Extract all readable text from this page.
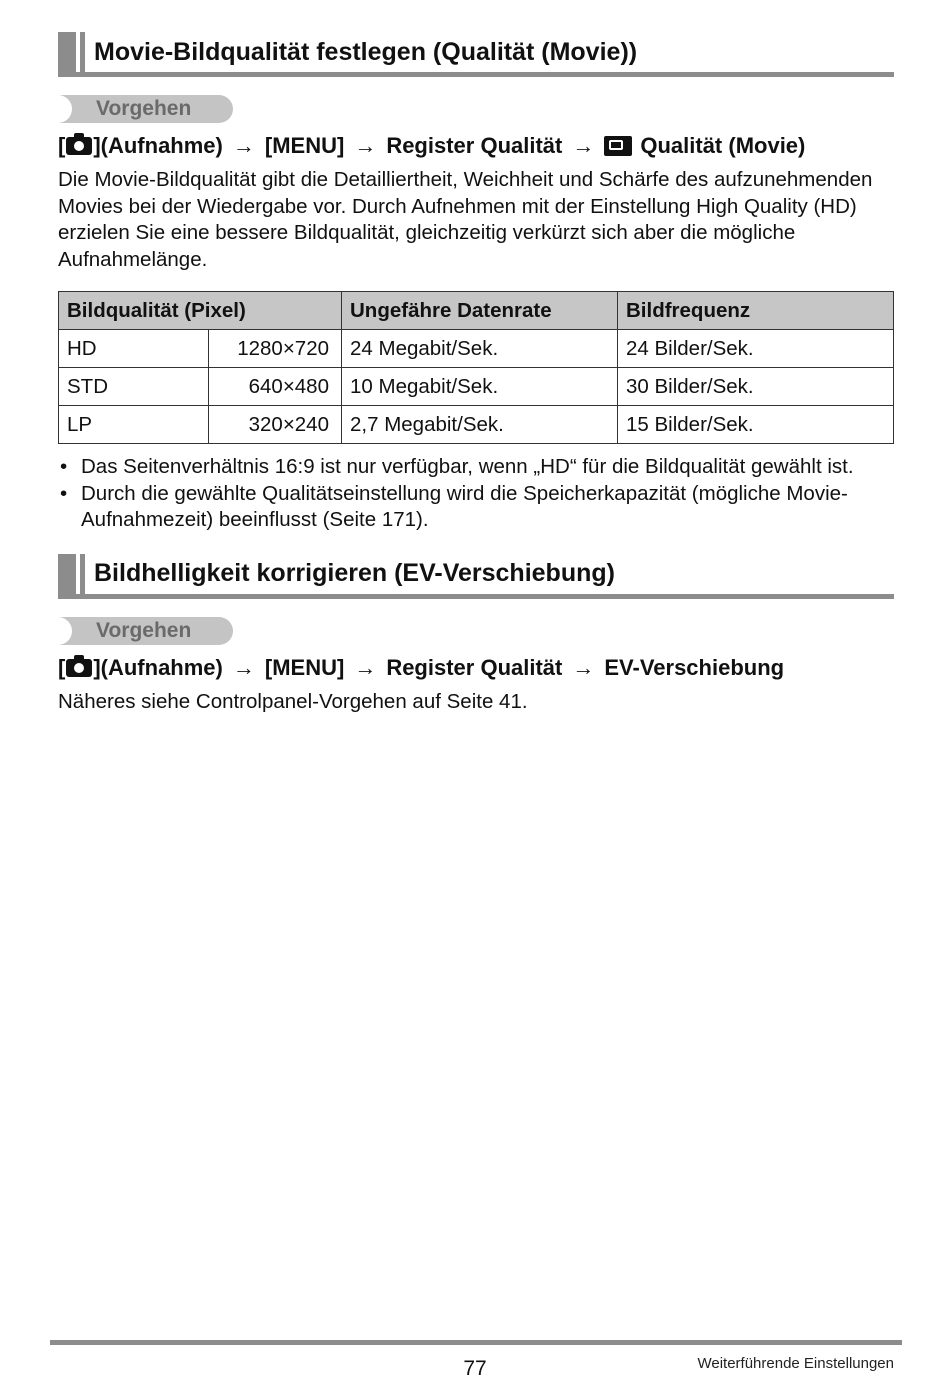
Movie-Bildqualität festlegen (Qualität (Movie))
Vorgehen
[ ] (Aufnahme) → [MENU] → Register Qualität → Qualität (Movie)
Die Movie-Bildqualität gibt die Detailliertheit, Weichheit und Schärfe des aufzunehmenden Movies bei der Wiedergabe vor. Durch Aufnehmen mit der Einstellung High Quality (HD) erzielen Sie eine bessere Bildqualität, gleichzeitig verkürzt sich aber die mögliche Aufnahmelänge.
Bildqualität (Pixel)		Ungefähre Datenrate	Bildfrequenz
HD	1280×720	24 Megabit/Sek.	24 Bilder/Sek.
STD	640×480	10 Megabit/Sek.	30 Bilder/Sek.
LP	320×240	2,7 Megabit/Sek.	15 Bilder/Sek.
• Das Seitenverhältnis 16:9 ist nur verfügbar, wenn „HD“ für die Bildqualität gewählt ist.
• Durch die gewählte Qualitätseinstellung wird die Speicherkapazität (mögliche Movie-Aufnahmezeit) beeinflusst (Seite 171).
Bildhelligkeit korrigieren (EV-Verschiebung)
Vorgehen
[ ] (Aufnahme) → [MENU] → Register Qualität → EV-Verschiebung
Näheres siehe Controlpanel-Vorgehen auf Seite 41.
77	Weiterführende Einstellungen
